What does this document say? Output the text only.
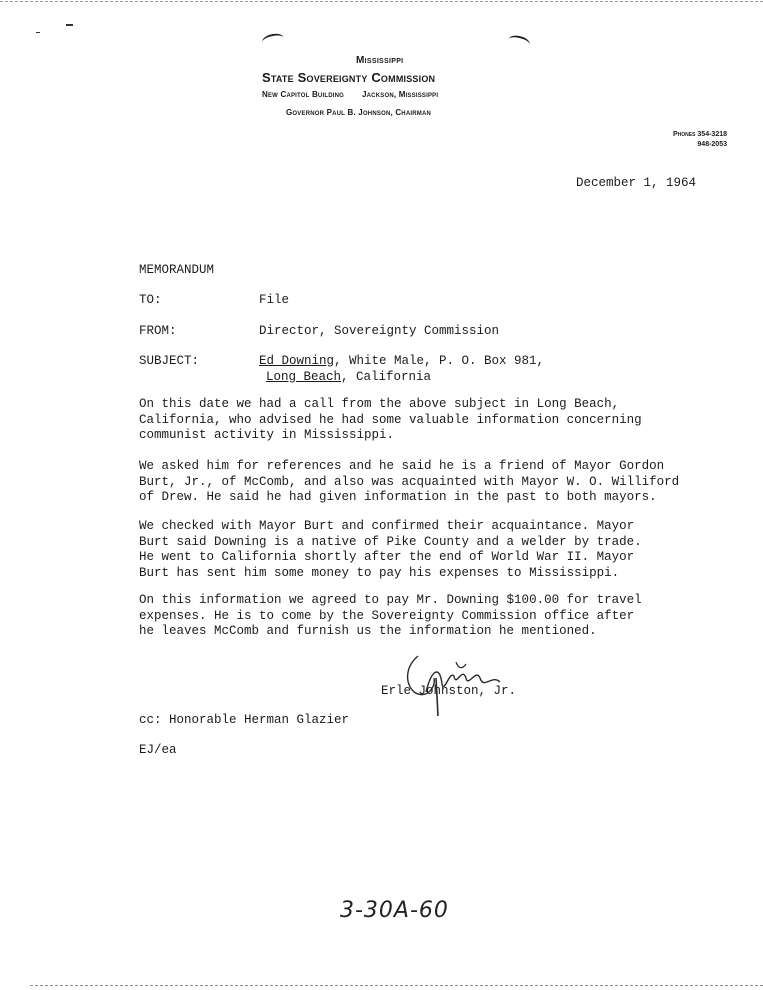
Mississippi
State Sovereignty Commission
New Capitol Building Jackson, Mississippi
Governor Paul B. Johnson, Chairman
Phones 354-3218
948-2053
December 1, 1964
MEMORANDUM
TO:	File
FROM:	Director, Sovereignty Commission
SUBJECT:	Ed Downing, White Male, P. O. Box 981,
Long Beach, California
On this date we had a call from the above subject in Long Beach,
California, who advised he had some valuable information concerning
communist activity in Mississippi.
We asked him for references and he said he is a friend of Mayor Gordon
Burt, Jr., of McComb, and also was acquainted with Mayor W. O. Williford
of Drew. He said he had given information in the past to both mayors.
We checked with Mayor Burt and confirmed their acquaintance. Mayor
Burt said Downing is a native of Pike County and a welder by trade.
He went to California shortly after the end of World War II. Mayor
Burt has sent him some money to pay his expenses to Mississippi.
On this information we agreed to pay Mr. Downing $100.00 for travel
expenses. He is to come by the Sovereignty Commission office after
he leaves McComb and furnish us the information he mentioned.
Erle Johnston, Jr.
cc: Honorable Herman Glazier
EJ/ea
3-30A-60
